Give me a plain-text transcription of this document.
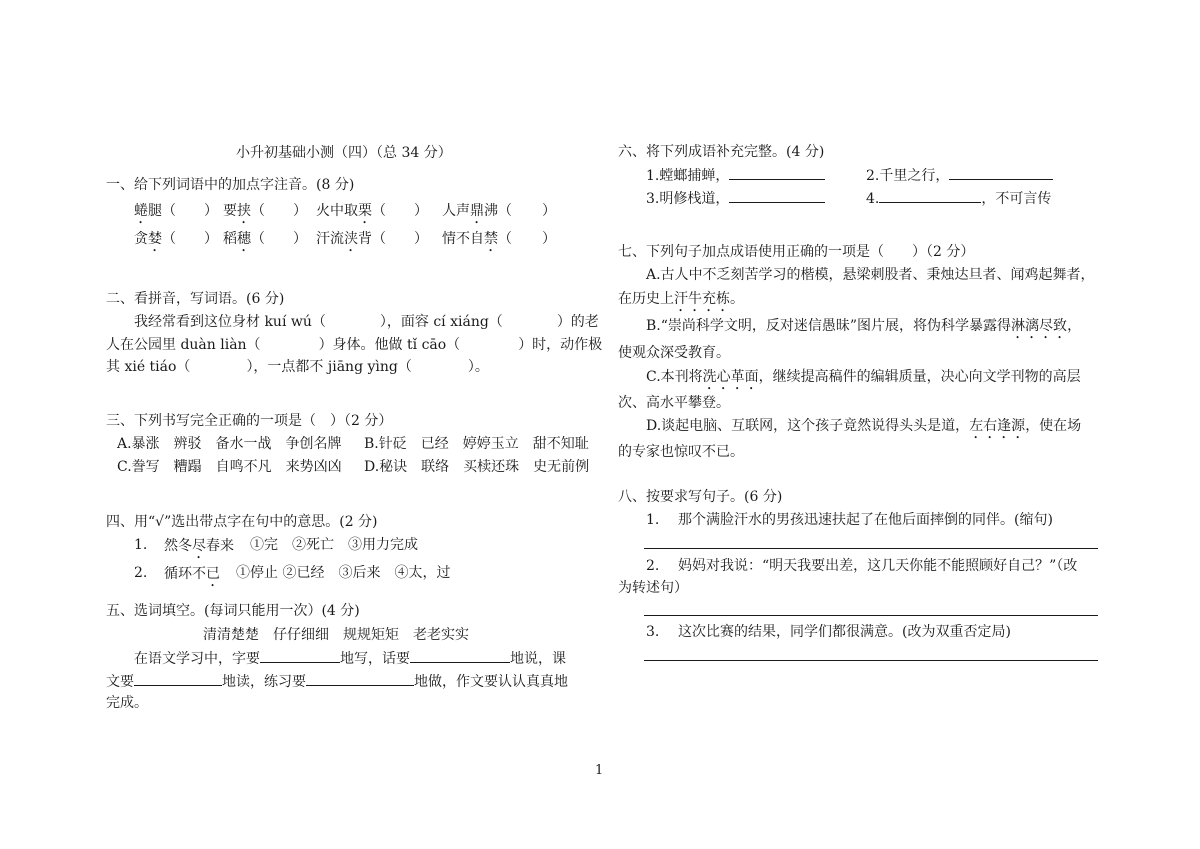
小升初基础小测（四）（总 34 分）
一、给下列词语中的加点字注音。(8 分)
蜷腿（ ） 要挟（ ） 火中取栗（ ） 人声鼎沸（ ）
贪婪（ ） 稻穗（ ） 汗流浃背（ ） 情不自禁（ ）
二、看拼音，写词语。(6 分)
我经常看到这位身材 kuí wú（	），面容 cí xiáng（	）的老
人在公园里 duàn liàn（	）身体。他做 tǐ cāo（	）时，动作极
其 xié tiáo（	），一点都不 jiāng yìng（	）。
三、下列书写完全正确的一项是（　）（2 分）
A.暴涨　辨驳　备水一战　争创名牌 B.针砭　已经　婷婷玉立　甜不知耻
C.誊写　糟蹋　自鸣不凡　来势凶凶 D.秘诀　联络　买椟还珠　史无前例
四、用“√”选出带点字在句中的意思。(2 分)
1. 然冬尽春来 ①完　②死亡　③用力完成
2. 循环不已 ①停止 ②已经　③后来　④太，过
五、选词填空。(每词只能用一次）(4 分)
清清楚楚　仔仔细细　规规矩矩　老老实实
在语文学习中，字要	地写，话要	地说，课
文要	地读，练习要	地做，作文要认认真真地
完成。
六、将下列成语补充完整。(4 分)
1.螳螂捕蝉，	2.千里之行，
3.明修栈道，	4.	，不可言传
七、下列句子加点成语使用正确的一项是（　　）（2 分）
A.古人中不乏刻苦学习的楷模，悬梁刺股者、秉烛达旦者、闻鸡起舞者，
在历史上汗牛充栋。
B.“崇尚科学文明，反对迷信愚昧”图片展，将伪科学暴露得淋漓尽致，
使观众深受教育。
C.本刊将洗心革面，继续提高稿件的编辑质量，决心向文学刊物的高层
次、高水平攀登。
D.谈起电脑、互联网，这个孩子竟然说得头头是道，左右逢源，使在场
的专家也惊叹不已。
八、按要求写句子。(6 分)
1. 那个满脸汗水的男孩迅速扶起了在他后面摔倒的同伴。(缩句)
2. 妈妈对我说：“明天我要出差，这几天你能不能照顾好自己？”（改
为转述句）
3. 这次比赛的结果，同学们都很满意。(改为双重否定局)
1
